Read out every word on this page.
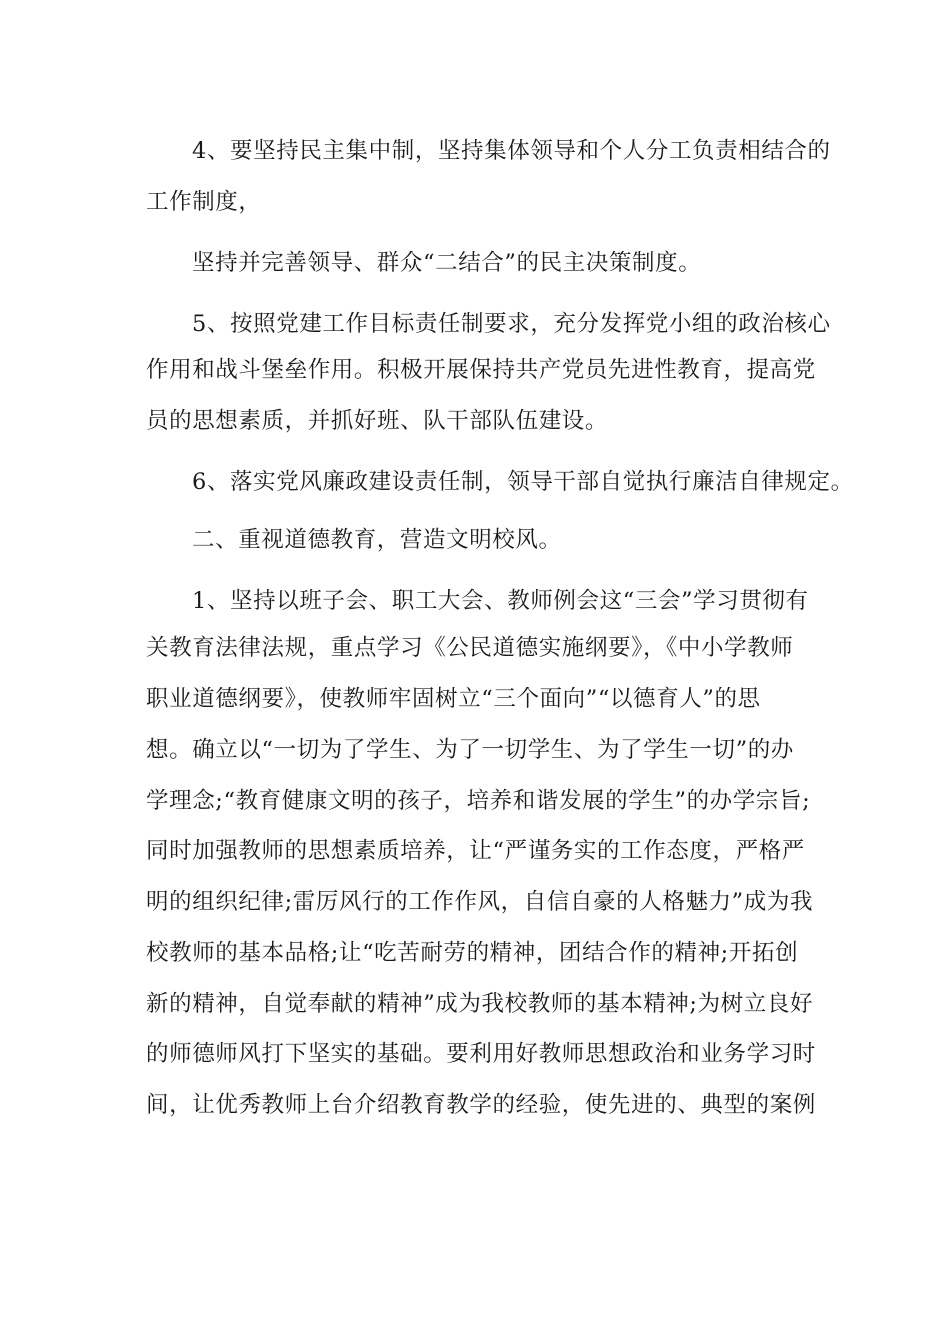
4、要坚持民主集中制，坚持集体领导和个人分工负责相结合的
工作制度，
坚持并完善领导、群众“二结合”的民主决策制度。
5、按照党建工作目标责任制要求，充分发挥党小组的政治核心
作用和战斗堡垒作用。积极开展保持共产党员先进性教育，提高党
员的思想素质，并抓好班、队干部队伍建设。
6、落实党风廉政建设责任制，领导干部自觉执行廉洁自律规定。
二、重视道德教育，营造文明校风。
1、坚持以班子会、职工大会、教师例会这“三会”学习贯彻有
关教育法律法规，重点学习《公民道德实施纲要》，《中小学教师
职业道德纲要》，使教师牢固树立“三个面向”“以德育人”的思
想。确立以“一切为了学生、为了一切学生、为了学生一切”的办
学理念;“教育健康文明的孩子，培养和谐发展的学生”的办学宗旨;
同时加强教师的思想素质培养，让“严谨务实的工作态度，严格严
明的组织纪律;雷厉风行的工作作风，自信自豪的人格魅力”成为我
校教师的基本品格;让“吃苦耐劳的精神，团结合作的精神;开拓创
新的精神，自觉奉献的精神”成为我校教师的基本精神;为树立良好
的师德师风打下坚实的基础。要利用好教师思想政治和业务学习时
间，让优秀教师上台介绍教育教学的经验，使先进的、典型的案例
